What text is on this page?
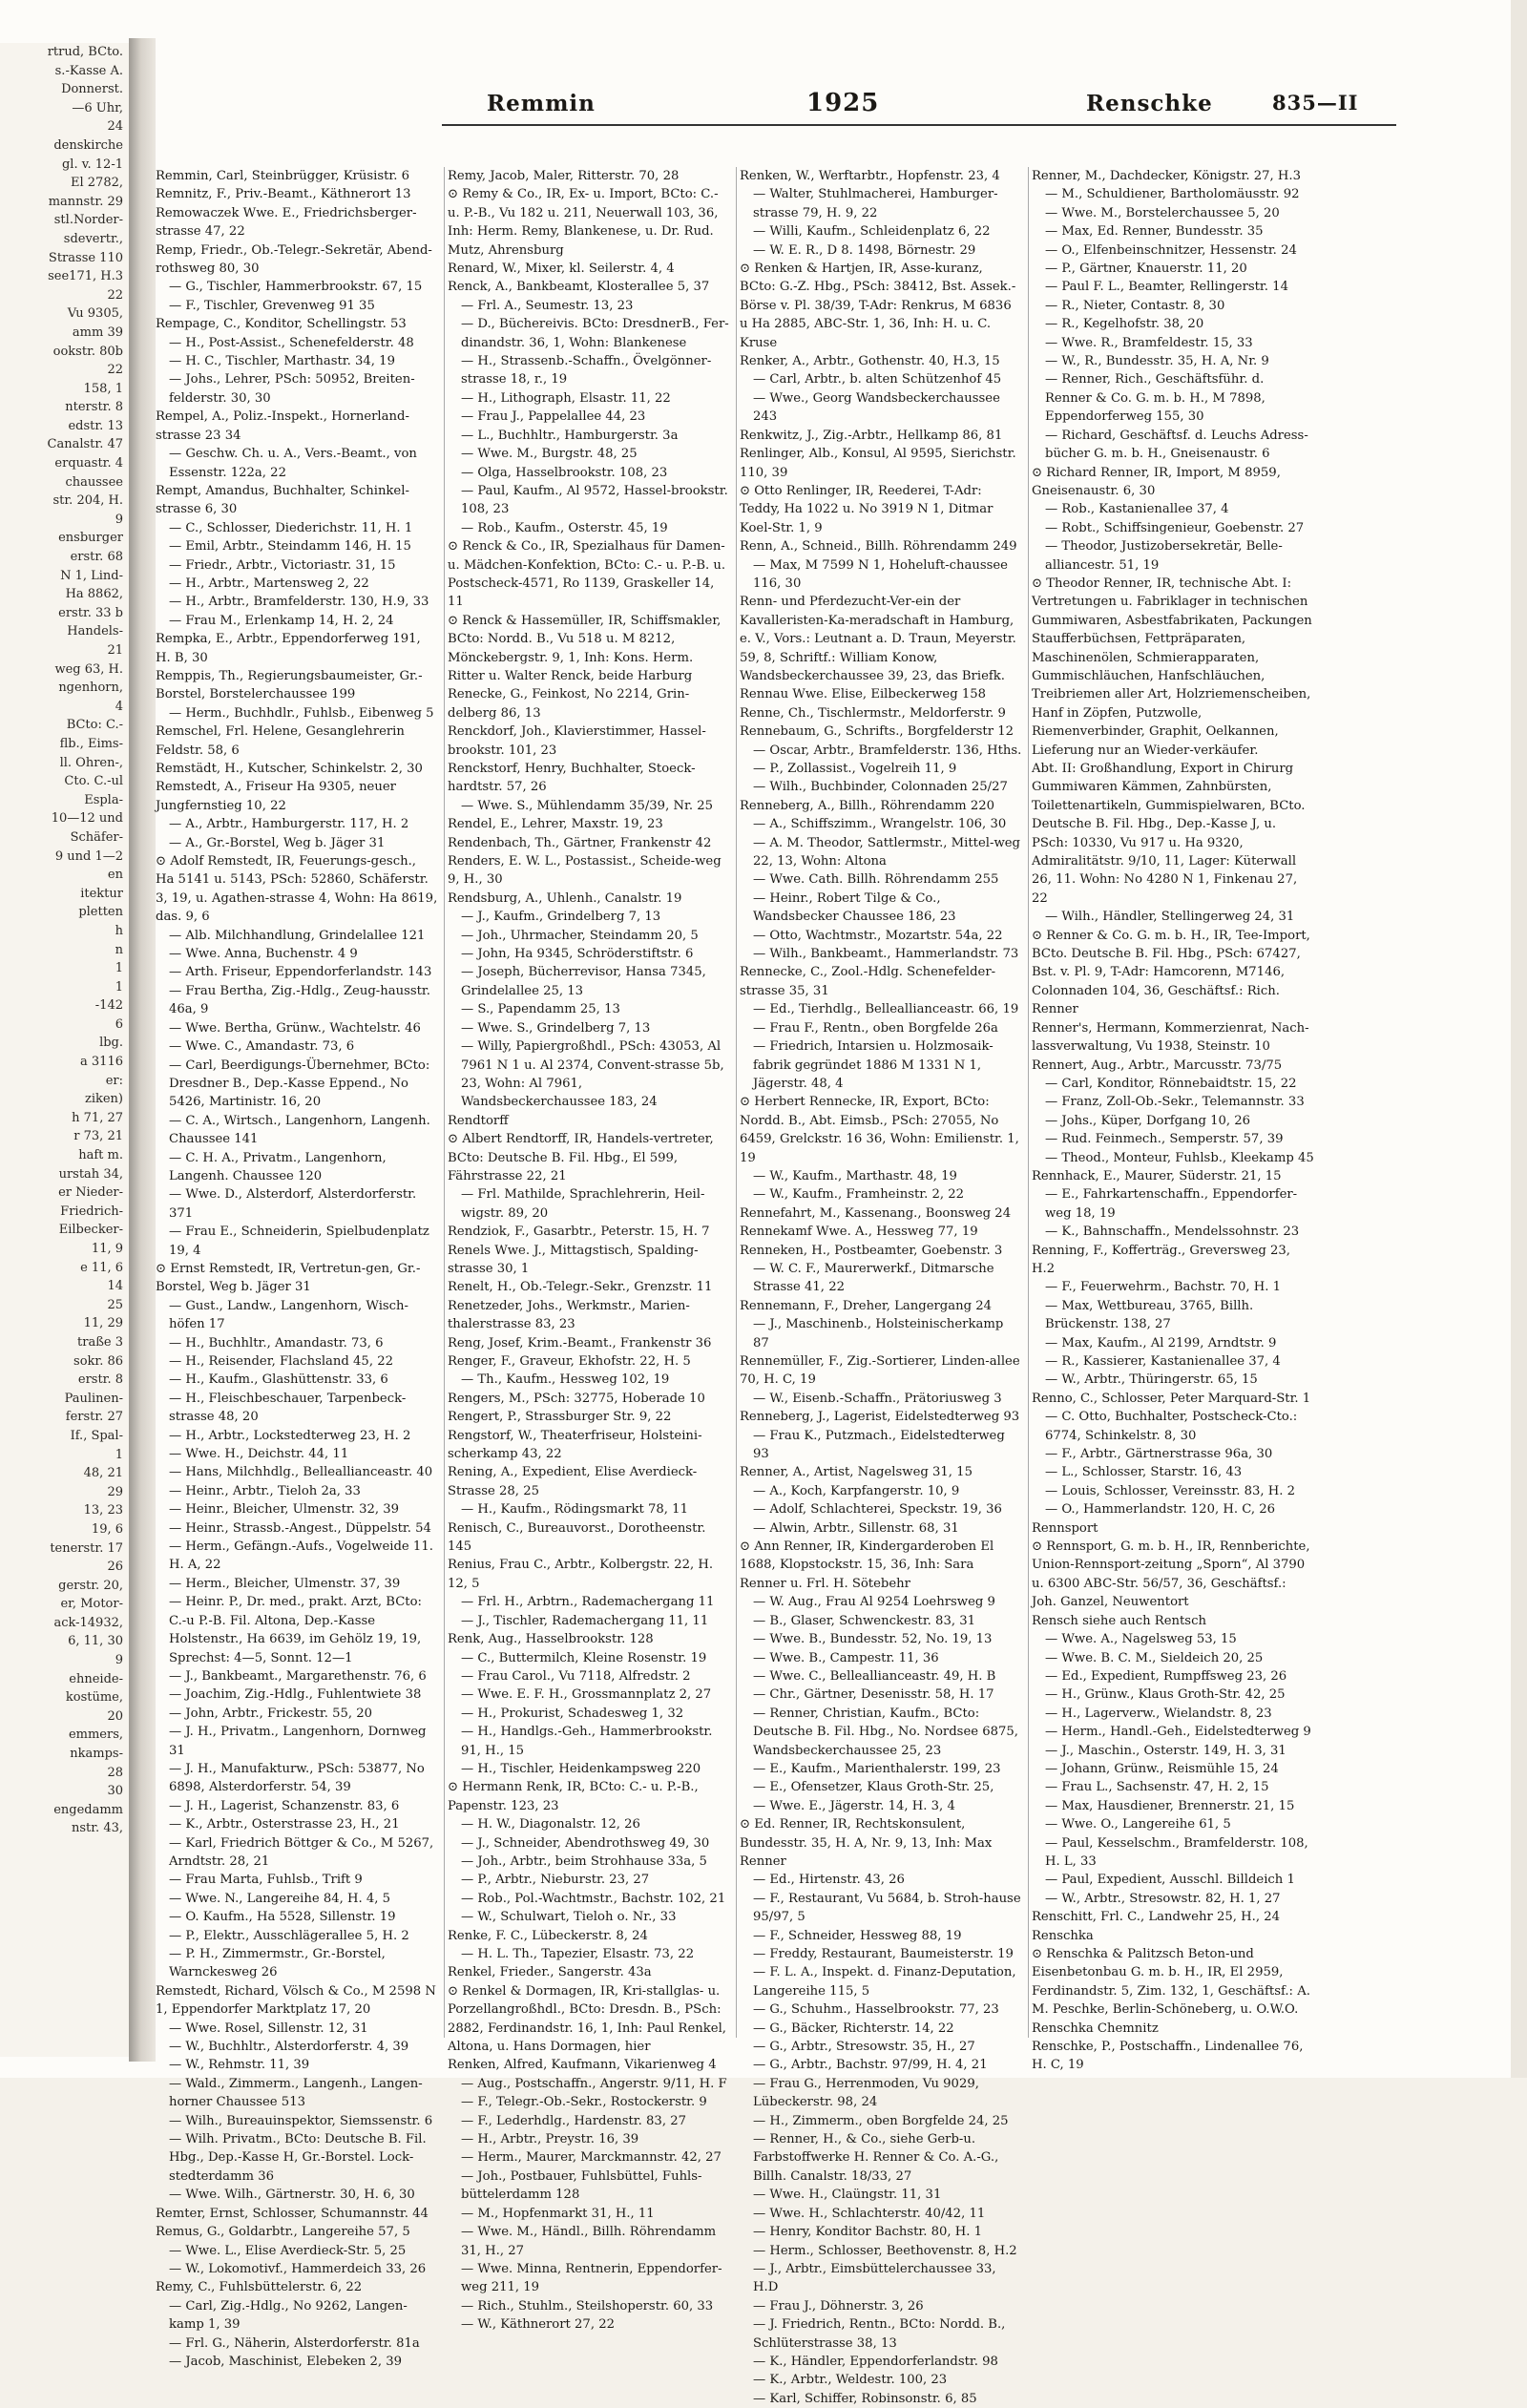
rtrud, BCto.
s.-Kasse A.
Donnerst.
—6 Uhr,
24
denskirche
gl. v. 12-1
El 2782,
mannstr. 29
stl.Norder-
sdevertr.,
Strasse 110
see171, H.3
22
Vu 9305,
amm 39
ookstr. 80b
22
158, 1
nterstr. 8
edstr. 13
Canalstr. 47
erquastr. 4
chaussee
str. 204, H.
9
ensburger
erstr. 68
N 1, Lind-
Ha 8862,
erstr. 33 b
Handels-
21
weg 63, H.
ngenhorn,
4
BCto: C.-
flb., Eims-
ll. Ohren-,
Cto. C.-ul
Espla-
10—12 und
Schäfer-
9 und 1—2
en
itektur
pletten
h
n
1
1
-142
6
lbg.
a 3116
er:
ziken)
h 71, 27
r 73, 21
haft m.
urstah 34,
er Nieder-
Friedrich-
Eilbecker-
11, 9
e 11, 6
14
25
11, 29
traße 3
sokr. 86
erstr. 8
Paulinen-
ferstr. 27
If., Spal-
1
48, 21
29
13, 23
19, 6
tenerstr. 17
26
gerstr. 20,
er, Motor-
ack-14932,
6, 11, 30
9
ehneide-
kostüme,
20
emmers,
nkamps-
28
30
engedamm
nstr. 43,
Remmin	1925	Renschke	835—II
Remmin, Carl, Steinbrügger, Krüsistr. 6
Remnitz, F., Priv.-Beamt., Käthnerort 13
Remowaczek Wwe. E., Friedrichsberger-strasse 47, 22
Remp, Friedr., Ob.-Telegr.-Sekretär, Abend-rothsweg 80, 30
— G., Tischler, Hammerbrookstr. 67, 15
— F., Tischler, Grevenweg 91 35
Rempage, C., Konditor, Schellingstr. 53
— H., Post-Assist., Schenefelderstr. 48
— H. C., Tischler, Marthastr. 34, 19
— Johs., Lehrer, PSch: 50952, Breiten-felderstr. 30, 30
Rempel, A., Poliz.-Inspekt., Hornerland-strasse 23 34
— Geschw. Ch. u. A., Vers.-Beamt., von Essenstr. 122a, 22
Rempt, Amandus, Buchhalter, Schinkel-strasse 6, 30
— C., Schlosser, Diederichstr. 11, H. 1
— Emil, Arbtr., Steindamm 146, H. 15
— Friedr., Arbtr., Victoriastr. 31, 15
— H., Arbtr., Martensweg 2, 22
— H., Arbtr., Bramfelderstr. 130, H.9, 33
— Frau M., Erlenkamp 14, H. 2, 24
Rempka, E., Arbtr., Eppendorferweg 191, H. B, 30
Remppis, Th., Regierungsbaumeister, Gr.-Borstel, Borstelerchaussee 199
— Herm., Buchhdlr., Fuhlsb., Eibenweg 5
Remschel, Frl. Helene, Gesanglehrerin Feldstr. 58, 6
Remstädt, H., Kutscher, Schinkelstr. 2, 30
Remstedt, A., Friseur Ha 9305, neuer Jungfernstieg 10, 22
— A., Arbtr., Hamburgerstr. 117, H. 2
— A., Gr.-Borstel, Weg b. Jäger 31
⊙ Adolf Remstedt, IR, Feuerungs-gesch., Ha 5141 u. 5143, PSch: 52860, Schäferstr. 3, 19, u. Agathen-strasse 4, Wohn: Ha 8619, das. 9, 6
— Alb. Milchhandlung, Grindelallee 121
— Wwe. Anna, Buchenstr. 4 9
— Arth. Friseur, Eppendorferlandstr. 143
— Frau Bertha, Zig.-Hdlg., Zeug-hausstr. 46a, 9
— Wwe. Bertha, Grünw., Wachtelstr. 46
— Wwe. C., Amandastr. 73, 6
— Carl, Beerdigungs-Übernehmer, BCto: Dresdner B., Dep.-Kasse Eppend., No 5426, Martinistr. 16, 20
— C. A., Wirtsch., Langenhorn, Langenh. Chaussee 141
— C. H. A., Privatm., Langenhorn, Langenh. Chaussee 120
— Wwe. D., Alsterdorf, Alsterdorferstr. 371
— Frau E., Schneiderin, Spielbudenplatz 19, 4
⊙ Ernst Remstedt, IR, Vertretun-gen, Gr.-Borstel, Weg b. Jäger 31
— Gust., Landw., Langenhorn, Wisch-höfen 17
— H., Buchhltr., Amandastr. 73, 6
— H., Reisender, Flachsland 45, 22
— H., Kaufm., Glashüttenstr. 33, 6
— H., Fleischbeschauer, Tarpenbeck-strasse 48, 20
— H., Arbtr., Lockstedterweg 23, H. 2
— Wwe. H., Deichstr. 44, 11
— Hans, Milchhdlg., Belleallianceastr. 40
— Heinr., Arbtr., Tieloh 2a, 33
— Heinr., Bleicher, Ulmenstr. 32, 39
— Heinr., Strassb.-Angest., Düppelstr. 54
— Herm., Gefängn.-Aufs., Vogelweide 11. H. A, 22
— Herm., Bleicher, Ulmenstr. 37, 39
— Heinr. P., Dr. med., prakt. Arzt, BCto: C.-u P.-B. Fil. Altona, Dep.-Kasse Holstenstr., Ha 6639, im Gehölz 19, 19, Sprechst: 4—5, Sonnt. 12—1
— J., Bankbeamt., Margarethenstr. 76, 6
— Joachim, Zig.-Hdlg., Fuhlentwiete 38
— John, Arbtr., Frickestr. 55, 20
— J. H., Privatm., Langenhorn, Dornweg 31
— J. H., Manufakturw., PSch: 53877, No 6898, Alsterdorferstr. 54, 39
— J. H., Lagerist, Schanzenstr. 83, 6
— K., Arbtr., Osterstrasse 23, H., 21
— Karl, Friedrich Böttger & Co., M 5267, Arndtstr. 28, 21
— Frau Marta, Fuhlsb., Trift 9
— Wwe. N., Langereihe 84, H. 4, 5
— O. Kaufm., Ha 5528, Sillenstr. 19
— P., Elektr., Ausschlägerallee 5, H. 2
— P. H., Zimmermstr., Gr.-Borstel, Warnckesweg 26
Remstedt, Richard, Völsch & Co., M 2598 N 1, Eppendorfer Marktplatz 17, 20
— Wwe. Rosel, Sillenstr. 12, 31
— W., Buchhltr., Alsterdorferstr. 4, 39
— W., Rehmstr. 11, 39
— Wald., Zimmerm., Langenh., Langen-horner Chaussee 513
— Wilh., Bureauinspektor, Siemssenstr. 6
— Wilh. Privatm., BCto: Deutsche B. Fil. Hbg., Dep.-Kasse H, Gr.-Borstel. Lock-stedterdamm 36
— Wwe. Wilh., Gärtnerstr. 30, H. 6, 30
Remter, Ernst, Schlosser, Schumannstr. 44
Remus, G., Goldarbtr., Langereihe 57, 5
— Wwe. L., Elise Averdieck-Str. 5, 25
— W., Lokomotivf., Hammerdeich 33, 26
Remy, C., Fuhlsbüttelerstr. 6, 22
— Carl, Zig.-Hdlg., No 9262, Langen-kamp 1, 39
— Frl. G., Näherin, Alsterdorferstr. 81a
— Jacob, Maschinist, Elebeken 2, 39
Remy, Jacob, Maler, Ritterstr. 70, 28
⊙ Remy & Co., IR, Ex- u. Import, BCto: C.- u. P.-B., Vu 182 u. 211, Neuerwall 103, 36, Inh: Herm. Remy, Blankenese, u. Dr. Rud. Mutz, Ahrensburg
Renard, W., Mixer, kl. Seilerstr. 4, 4
Renck, A., Bankbeamt, Klosterallee 5, 37
— Frl. A., Seumestr. 13, 23
— D., Büchereivis. BCto: DresdnerB., Fer-dinandstr. 36, 1, Wohn: Blankenese
— H., Strassenb.-Schaffn., Övelgönner-strasse 18, r., 19
— H., Lithograph, Elsastr. 11, 22
— Frau J., Pappelallee 44, 23
— L., Buchhltr., Hamburgerstr. 3a
— Wwe. M., Burgstr. 48, 25
— Olga, Hasselbrookstr. 108, 23
— Paul, Kaufm., Al 9572, Hassel-brookstr. 108, 23
— Rob., Kaufm., Osterstr. 45, 19
⊙ Renck & Co., IR, Spezialhaus für Damen- u. Mädchen-Konfektion, BCto: C.- u. P.-B. u. Postscheck-4571, Ro 1139, Graskeller 14, 11
⊙ Renck & Hassemüller, IR, Schiffsmakler, BCto: Nordd. B., Vu 518 u. M 8212, Mönckebergstr. 9, 1, Inh: Kons. Herm. Ritter u. Walter Renck, beide Harburg
Renecke, G., Feinkost, No 2214, Grin-delberg 86, 13
Renckdorf, Joh., Klavierstimmer, Hassel-brookstr. 101, 23
Renckstorf, Henry, Buchhalter, Stoeck-hardtstr. 57, 26
— Wwe. S., Mühlendamm 35/39, Nr. 25
Rendel, E., Lehrer, Maxstr. 19, 23
Rendenbach, Th., Gärtner, Frankenstr 42
Renders, E. W. L., Postassist., Scheide-weg 9, H., 30
Rendsburg, A., Uhlenh., Canalstr. 19
— J., Kaufm., Grindelberg 7, 13
— Joh., Uhrmacher, Steindamm 20, 5
— John, Ha 9345, Schröderstiftstr. 6
— Joseph, Bücherrevisor, Hansa 7345, Grindelallee 25, 13
— S., Papendamm 25, 13
— Wwe. S., Grindelberg 7, 13
— Willy, Papiergroßhdl., PSch: 43053, Al 7961 N 1 u. Al 2374, Convent-strasse 5b, 23, Wohn: Al 7961, Wandsbeckerchaussee 183, 24
Rendtorff
⊙ Albert Rendtorff, IR, Handels-vertreter, BCto: Deutsche B. Fil. Hbg., El 599, Fährstrasse 22, 21
— Frl. Mathilde, Sprachlehrerin, Heil-wigstr. 89, 20
Rendziok, F., Gasarbtr., Peterstr. 15, H. 7
Renels Wwe. J., Mittagstisch, Spalding-strasse 30, 1
Renelt, H., Ob.-Telegr.-Sekr., Grenzstr. 11
Renetzeder, Johs., Werkmstr., Marien-thalerstrasse 83, 23
Reng, Josef, Krim.-Beamt., Frankenstr 36
Renger, F., Graveur, Ekhofstr. 22, H. 5
— Th., Kaufm., Hessweg 102, 19
Rengers, M., PSch: 32775, Hoberade 10
Rengert, P., Strassburger Str. 9, 22
Rengstorf, W., Theaterfriseur, Holsteini-scherkamp 43, 22
Rening, A., Expedient, Elise Averdieck-Strasse 28, 25
— H., Kaufm., Rödingsmarkt 78, 11
Renisch, C., Bureauvorst., Dorotheenstr. 145
Renius, Frau C., Arbtr., Kolbergstr. 22, H. 12, 5
— Frl. H., Arbtrn., Rademachergang 11
— J., Tischler, Rademachergang 11, 11
Renk, Aug., Hasselbrookstr. 128
— C., Buttermilch, Kleine Rosenstr. 19
— Frau Carol., Vu 7118, Alfredstr. 2
— Wwe. E. F. H., Grossmannplatz 2, 27
— H., Prokurist, Schadesweg 1, 32
— H., Handlgs.-Geh., Hammerbrookstr. 91, H., 15
— H., Tischler, Heidenkampsweg 220
⊙ Hermann Renk, IR, BCto: C.- u. P.-B., Papenstr. 123, 23
— H. W., Diagonalstr. 12, 26
— J., Schneider, Abendrothsweg 49, 30
— Joh., Arbtr., beim Strohhause 33a, 5
— P., Arbtr., Nieburstr. 23, 27
— Rob., Pol.-Wachtmstr., Bachstr. 102, 21
— W., Schulwart, Tieloh o. Nr., 33
Renke, F. C., Lübeckerstr. 8, 24
— H. L. Th., Tapezier, Elsastr. 73, 22
Renkel, Frieder., Sangerstr. 43a
⊙ Renkel & Dormagen, IR, Kri-stallglas- u. Porzellangroßhdl., BCto: Dresdn. B., PSch: 2882, Ferdinandstr. 16, 1, Inh: Paul Renkel, Altona, u. Hans Dormagen, hier
Renken, Alfred, Kaufmann, Vikarienweg 4
— Aug., Postschaffn., Angerstr. 9/11, H. F
— F., Telegr.-Ob.-Sekr., Rostockerstr. 9
— F., Lederhdlg., Hardenstr. 83, 27
— H., Arbtr., Preystr. 16, 39
— Herm., Maurer, Marckmannstr. 42, 27
— Joh., Postbauer, Fuhlsbüttel, Fuhls-büttelerdamm 128
— M., Hopfenmarkt 31, H., 11
— Wwe. M., Händl., Billh. Röhrendamm 31, H., 27
— Wwe. Minna, Rentnerin, Eppendorfer-weg 211, 19
— Rich., Stuhlm., Steilshoperstr. 60, 33
— W., Käthnerort 27, 22
Renken, W., Werftarbtr., Hopfenstr. 23, 4
— Walter, Stuhlmacherei, Hamburger-strasse 79, H. 9, 22
— Willi, Kaufm., Schleidenplatz 6, 22
— W. E. R., D 8. 1498, Börnestr. 29
⊙ Renken & Hartjen, IR, Asse-kuranz, BCto: G.-Z. Hbg., PSch: 38412, Bst. Assek.-Börse v. Pl. 38/39, T-Adr: Renkrus, M 6836 u Ha 2885, ABC-Str. 1, 36, Inh: H. u. C. Kruse
Renker, A., Arbtr., Gothenstr. 40, H.3, 15
— Carl, Arbtr., b. alten Schützenhof 45
— Wwe., Georg Wandsbeckerchaussee 243
Renkwitz, J., Zig.-Arbtr., Hellkamp 86, 81
Renlinger, Alb., Konsul, Al 9595, Sierichstr. 110, 39
⊙ Otto Renlinger, IR, Reederei, T-Adr: Teddy, Ha 1022 u. No 3919 N 1, Ditmar Koel-Str. 1, 9
Renn, A., Schneid., Billh. Röhrendamm 249
— Max, M 7599 N 1, Hoheluft-chaussee 116, 30
Renn- und Pferdezucht-Ver-ein der Kavalleristen-Ka-meradschaft in Hamburg, e. V., Vors.: Leutnant a. D. Traun, Meyerstr. 59, 8, Schriftf.: William Konow, Wandsbeckerchaussee 39, 23, das Briefk.
Rennau Wwe. Elise, Eilbeckerweg 158
Renne, Ch., Tischlermstr., Meldorferstr. 9
Rennebaum, G., Schrifts., Borgfelderstr 12
— Oscar, Arbtr., Bramfelderstr. 136, Hths.
— P., Zollassist., Vogelreih 11, 9
— Wilh., Buchbinder, Colonnaden 25/27
Renneberg, A., Billh., Röhrendamm 220
— A., Schiffszimm., Wrangelstr. 106, 30
— A. M. Theodor, Sattlermstr., Mittel-weg 22, 13, Wohn: Altona
— Wwe. Cath. Billh. Röhrendamm 255
— Heinr., Robert Tilge & Co., Wandsbecker Chaussee 186, 23
— Otto, Wachtmstr., Mozartstr. 54a, 22
— Wilh., Bankbeamt., Hammerlandstr. 73
Rennecke, C., Zool.-Hdlg. Schenefelder-strasse 35, 31
— Ed., Tierhdlg., Belleallianceastr. 66, 19
— Frau F., Rentn., oben Borgfelde 26a
— Friedrich, Intarsien u. Holzmosaik-fabrik gegründet 1886 M 1331 N 1, Jägerstr. 48, 4
⊙ Herbert Rennecke, IR, Export, BCto: Nordd. B., Abt. Eimsb., PSch: 27055, No 6459, Grelckstr. 16 36, Wohn: Emilienstr. 1, 19
— W., Kaufm., Marthastr. 48, 19
— W., Kaufm., Framheinstr. 2, 22
Rennefahrt, M., Kassenang., Boonsweg 24
Rennekamf Wwe. A., Hessweg 77, 19
Renneken, H., Postbeamter, Goebenstr. 3
— W. C. F., Maurerwerkf., Ditmarsche Strasse 41, 22
Rennemann, F., Dreher, Langergang 24
— J., Maschinenb., Holsteinischerkamp 87
Rennemüller, F., Zig.-Sortierer, Linden-allee 70, H. C, 19
— W., Eisenb.-Schaffn., Prätoriusweg 3
Renneberg, J., Lagerist, Eidelstedterweg 93
— Frau K., Putzmach., Eidelstedterweg 93
Renner, A., Artist, Nagelsweg 31, 15
— A., Koch, Karpfangerstr. 10, 9
— Adolf, Schlachterei, Speckstr. 19, 36
— Alwin, Arbtr., Sillenstr. 68, 31
⊙ Ann Renner, IR, Kindergarderoben El 1688, Klopstockstr. 15, 36, Inh: Sara Renner u. Frl. H. Sötebehr
— W. Aug., Frau Al 9254 Loehrsweg 9
— B., Glaser, Schwenckestr. 83, 31
— Wwe. B., Bundesstr. 52, No. 19, 13
— Wwe. B., Campestr. 11, 36
— Wwe. C., Belleallianceastr. 49, H. B
— Chr., Gärtner, Desenisstr. 58, H. 17
— Renner, Christian, Kaufm., BCto: Deutsche B. Fil. Hbg., No. Nordsee 6875, Wandsbeckerchaussee 25, 23
— E., Kaufm., Marienthalerstr. 199, 23
— E., Ofensetzer, Klaus Groth-Str. 25,
— Wwe. E., Jägerstr. 14, H. 3, 4
⊙ Ed. Renner, IR, Rechtskonsulent, Bundesstr. 35, H. A, Nr. 9, 13, Inh: Max Renner
— Ed., Hirtenstr. 43, 26
— F., Restaurant, Vu 5684, b. Stroh-hause 95/97, 5
— F., Schneider, Hessweg 88, 19
— Freddy, Restaurant, Baumeisterstr. 19
— F. L. A., Inspekt. d. Finanz-Deputation, Langereihe 115, 5
— G., Schuhm., Hasselbrookstr. 77, 23
— G., Bäcker, Richterstr. 14, 22
— G., Arbtr., Stresowstr. 35, H., 27
— G., Arbtr., Bachstr. 97/99, H. 4, 21
— Frau G., Herrenmoden, Vu 9029, Lübeckerstr. 98, 24
— H., Zimmerm., oben Borgfelde 24, 25
— Renner, H., & Co., siehe Gerb-u. Farbstoffwerke H. Renner & Co. A.-G., Billh. Canalstr. 18/33, 27
— Wwe. H., Claüngstr. 11, 31
— Wwe. H., Schlachterstr. 40/42, 11
— Henry, Konditor Bachstr. 80, H. 1
— Herm., Schlosser, Beethovenstr. 8, H.2
— J., Arbtr., Eimsbüttelerchaussee 33, H.D
— Frau J., Döhnerstr. 3, 26
— J. Friedrich, Rentn., BCto: Nordd. B., Schlüterstrasse 38, 13
— K., Händler, Eppendorferlandstr. 98
— K., Arbtr., Weldestr. 100, 23
— Karl, Schiffer, Robinsonstr. 6, 85
Renner, M., Dachdecker, Königstr. 27, H.3
— M., Schuldiener, Bartholomäusstr. 92
— Wwe. M., Borstelerchaussee 5, 20
— Max, Ed. Renner, Bundesstr. 35
— O., Elfenbeinschnitzer, Hessenstr. 24
— P., Gärtner, Knauerstr. 11, 20
— Paul F. L., Beamter, Rellingerstr. 14
— R., Nieter, Contastr. 8, 30
— R., Kegelhofstr. 38, 20
— Wwe. R., Bramfeldestr. 15, 33
— W., R., Bundesstr. 35, H. A, Nr. 9
— Renner, Rich., Geschäftsführ. d. Renner & Co. G. m. b. H., M 7898, Eppendorferweg 155, 30
— Richard, Geschäftsf. d. Leuchs Adress-bücher G. m. b. H., Gneisenaustr. 6
⊙ Richard Renner, IR, Import, M 8959, Gneisenaustr. 6, 30
— Rob., Kastanienallee 37, 4
— Robt., Schiffsingenieur, Goebenstr. 27
— Theodor, Justizobersekretär, Belle-alliancestr. 51, 19
⊙ Theodor Renner, IR, technische Abt. I: Vertretungen u. Fabriklager in technischen Gummiwaren, Asbestfabrikaten, Packungen Staufferbüchsen, Fettpräparaten, Maschinenölen, Schmierapparaten, Gummischläuchen, Hanfschläuchen, Treibriemen aller Art, Holzriemenscheiben, Hanf in Zöpfen, Putzwolle, Riemenverbinder, Graphit, Oelkannen, Lieferung nur an Wieder-verkäufer.
Abt. II: Großhandlung, Export in Chirurg Gummiwaren Kämmen, Zahnbürsten, Toilettenartikeln, Gummispielwaren, BCto. Deutsche B. Fil. Hbg., Dep.-Kasse J, u. PSch: 10330, Vu 917 u. Ha 9320, Admiralitätstr. 9/10, 11, Lager: Küterwall 26, 11. Wohn: No 4280 N 1, Finkenau 27, 22
— Wilh., Händler, Stellingerweg 24, 31
⊙ Renner & Co. G. m. b. H., IR, Tee-Import, BCto. Deutsche B. Fil. Hbg., PSch: 67427, Bst. v. Pl. 9, T-Adr: Hamcorenn, M7146, Colonnaden 104, 36, Geschäftsf.: Rich. Renner
Renner's, Hermann, Kommerzienrat, Nach-lassverwaltung, Vu 1938, Steinstr. 10
Rennert, Aug., Arbtr., Marcusstr. 73/75
— Carl, Konditor, Rönnebaidtstr. 15, 22
— Franz, Zoll-Ob.-Sekr., Telemannstr. 33
— Johs., Küper, Dorfgang 10, 26
— Rud. Feinmech., Semperstr. 57, 39
— Theod., Monteur, Fuhlsb., Kleekamp 45
Rennhack, E., Maurer, Süderstr. 21, 15
— E., Fahrkartenschaffn., Eppendorfer-weg 18, 19
— K., Bahnschaffn., Mendelssohnstr. 23
Renning, F., Kofferträg., Greversweg 23, H.2
— F., Feuerwehrm., Bachstr. 70, H. 1
— Max, Wettbureau, 3765, Billh. Brückenstr. 138, 27
— Max, Kaufm., Al 2199, Arndtstr. 9
— R., Kassierer, Kastanienallee 37, 4
— W., Arbtr., Thüringerstr. 65, 15
Renno, C., Schlosser, Peter Marquard-Str. 1
— C. Otto, Buchhalter, Postscheck-Cto.: 6774, Schinkelstr. 8, 30
— F., Arbtr., Gärtnerstrasse 96a, 30
— L., Schlosser, Starstr. 16, 43
— Louis, Schlosser, Vereinsstr. 83, H. 2
— O., Hammerlandstr. 120, H. C, 26
Rennsport
⊙ Rennsport, G. m. b. H., IR, Rennberichte, Union-Rennsport-zeitung „Sporn“, Al 3790 u. 6300 ABC-Str. 56/57, 36, Geschäftsf.: Joh. Ganzel, Neuwentort
Rensch siehe auch Rentsch
— Wwe. A., Nagelsweg 53, 15
— Wwe. B. C. M., Sieldeich 20, 25
— Ed., Expedient, Rumpffsweg 23, 26
— H., Grünw., Klaus Groth-Str. 42, 25
— H., Lagerverw., Wielandstr. 8, 23
— Herm., Handl.-Geh., Eidelstedterweg 9
— J., Maschin., Osterstr. 149, H. 3, 31
— Johann, Grünw., Reismühle 15, 24
— Frau L., Sachsenstr. 47, H. 2, 15
— Max, Hausdiener, Brennerstr. 21, 15
— Wwe. O., Langereihe 61, 5
— Paul, Kesselschm., Bramfelderstr. 108, H. L, 33
— Paul, Expedient, Ausschl. Billdeich 1
— W., Arbtr., Stresowstr. 82, H. 1, 27
Renschitt, Frl. C., Landwehr 25, H., 24
Renschka
⊙ Renschka & Palitzsch Beton-und Eisenbetonbau G. m. b. H., IR, El 2959, Ferdinandstr. 5, Zim. 132, 1, Geschäftsf.: A. M. Peschke, Berlin-Schöneberg, u. O.W.O. Renschka Chemnitz
Renschke, P., Postschaffn., Lindenallee 76, H. C, 19
